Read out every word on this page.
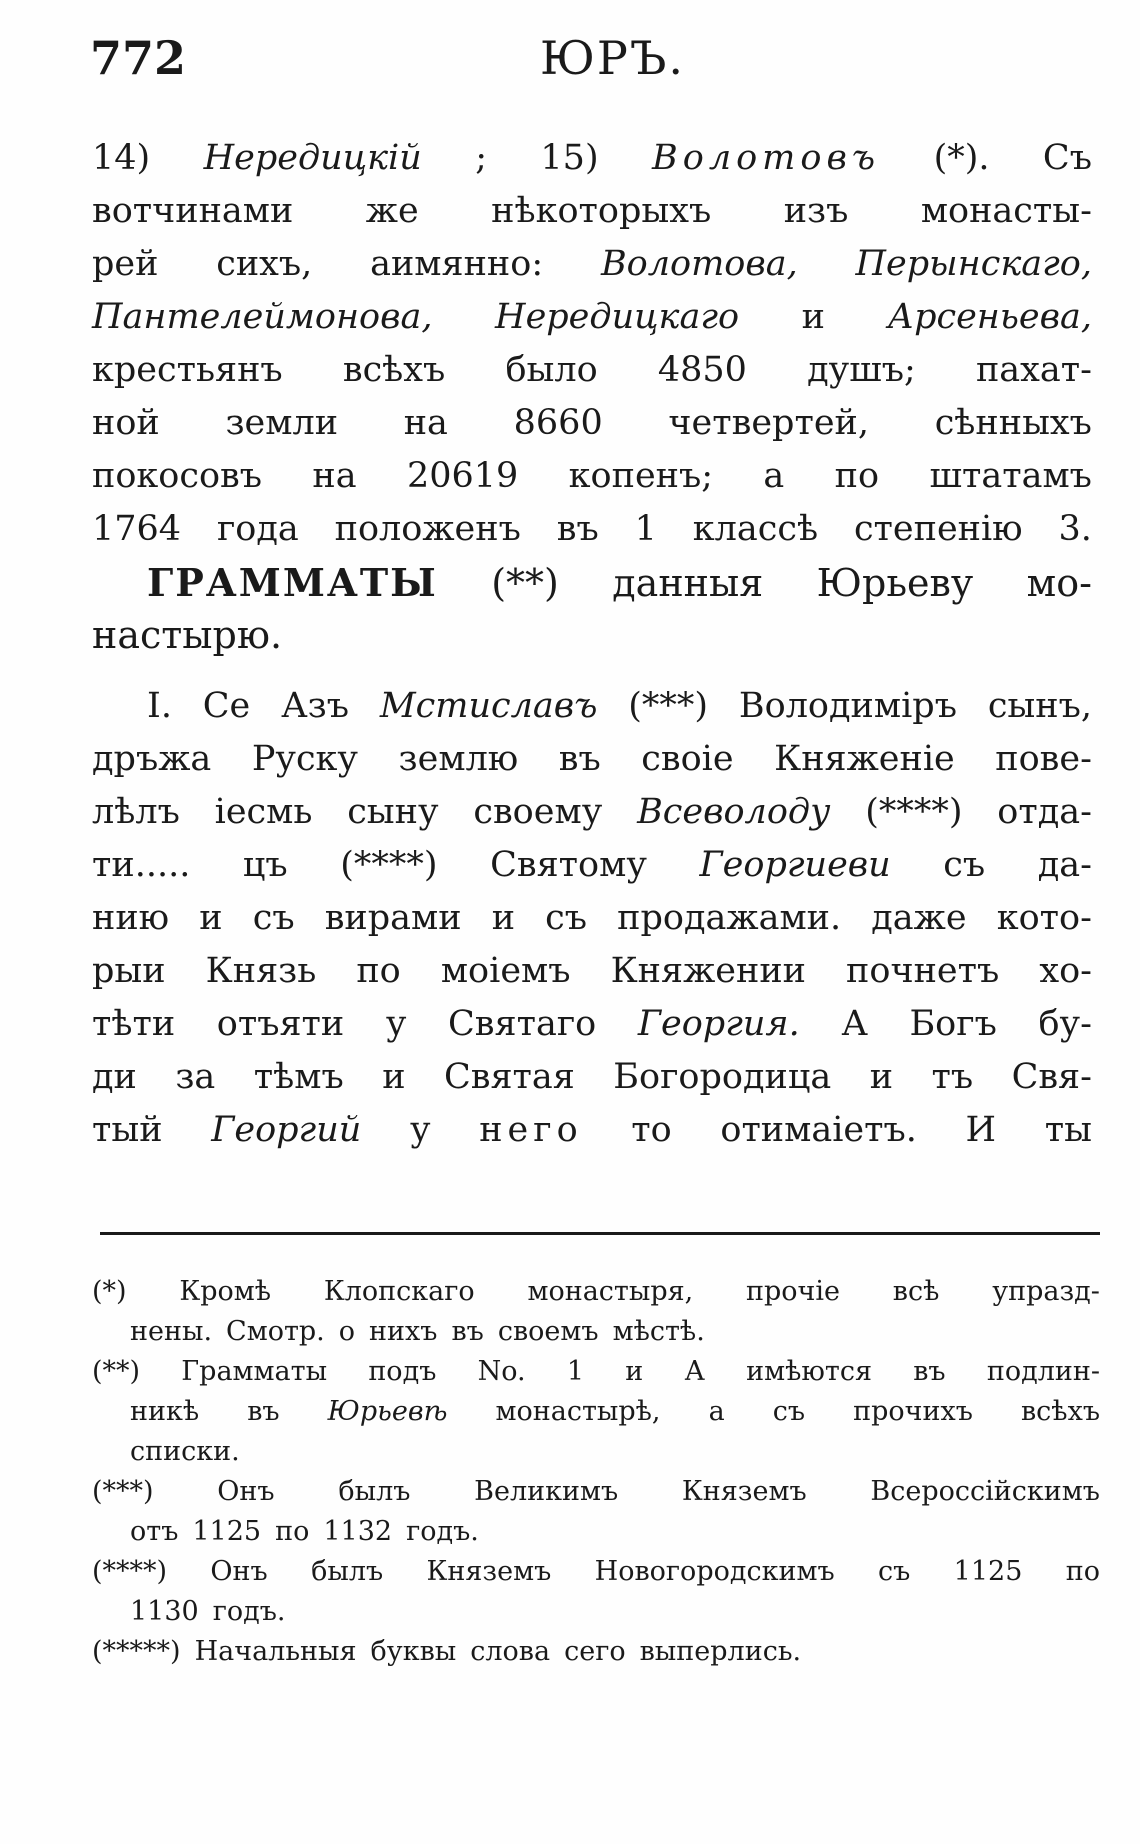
772	ЮРЪ.
14) Нередицкій ; 15) Волотовъ (*). Съ
вотчинами же нѣкоторыхъ изъ монасты-
рей сихъ, аимянно: Волотова, Перынскаго,
Пантелеймонова, Нередицкаго и Арсеньева,
крестьянъ всѣхъ было 4850 душъ; пахат-
ной земли на 8660 четвертей, сѣнныхъ
покосовъ на 20619 копенъ; а по штатамъ
1764 года положенъ въ 1 классѣ степенію 3.
ГРАММАТЫ (**) данныя Юрьеву мо-
настырю.
I. Се Азъ Мстиславъ (***) Володиміръ сынъ,
дръжа Руску землю въ своіе Княженіе пове-
лѣлъ іесмь сыну своему Всеволоду (****) отда-
ти..... цъ (****) Святому Георгиеви съ да-
нию и съ вирами и съ продажами. даже кото-
рыи Князь по моіемъ Княжении почнетъ хо-
тѣти отъяти у Святаго Георгия. А Богъ бу-
ди за тѣмъ и Святая Богородица и тъ Свя-
тый Георгий у него то отимаіетъ. И ты
(*) Кромѣ Клопскаго монастыря, прочіе всѣ упразд-
нены. Смотр. о нихъ въ своемъ мѣстѣ.
(**) Грамматы подъ No. 1 и А имѣются въ подлин-
никѣ въ Юрьевѣ монастырѣ, а съ прочихъ всѣхъ
списки.
(***) Онъ былъ Великимъ Княземъ Всероссійскимъ
отъ 1125 по 1132 годъ.
(****) Онъ былъ Княземъ Новогородскимъ съ 1125 по
1130 годъ.
(*****) Начальныя буквы слова сего выперлись.
